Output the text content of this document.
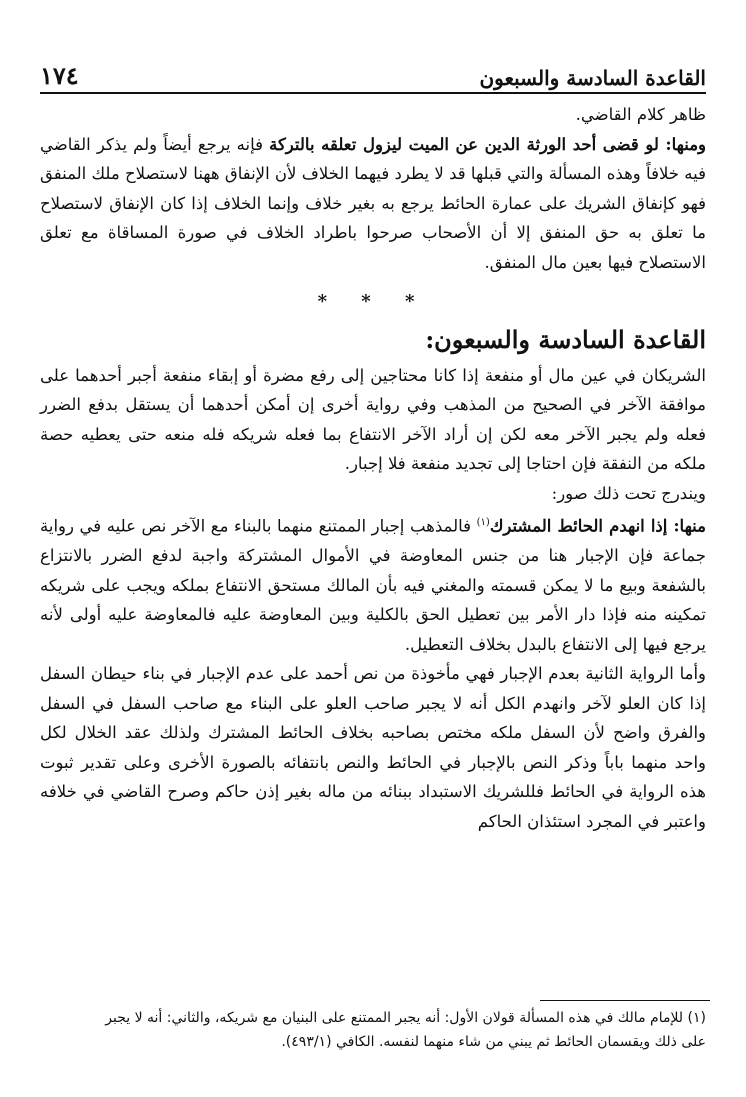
١٧٤	القاعدة السادسة والسبعون

ظاهر كلام القاضي.

ومنها: لو قضى أحد الورثة الدين عن الميت ليزول تعلقه بالتركة فإنه يرجع أيضاً ولم يذكر القاضي فيه خلافاً وهذه المسألة والتي قبلها قد لا يطرد فيهما الخلاف لأن الإنفاق ههنا لاستصلاح ملك المنفق فهو كإنفاق الشريك على عمارة الحائط يرجع به بغير خلاف وإنما الخلاف إذا كان الإنفاق لاستصلاح ما تعلق به حق المنفق إلا أن الأصحاب صرحوا باطراد الخلاف في صورة المساقاة مع تعلق الاستصلاح فيها بعين مال المنفق.

* * *
القاعدة السادسة والسبعون:

الشريكان في عين مال أو منفعة إذا كانا محتاجين إلى رفع مضرة أو إبقاء منفعة أجبر أحدهما على موافقة الآخر في الصحيح من المذهب وفي رواية أخرى إن أمكن أحدهما أن يستقل بدفع الضرر فعله ولم يجبر الآخر معه لكن إن أراد الآخر الانتفاع بما فعله شريكه فله منعه حتى يعطيه حصة ملكه من النفقة فإن احتاجا إلى تجديد منفعة فلا إجبار.

ويندرج تحت ذلك صور:

منها: إذا انهدم الحائط المشترك$^{(١)}$ فالمذهب إجبار الممتنع منهما بالبناء مع الآخر نص عليه في رواية جماعة فإن الإجبار هنا من جنس المعاوضة في الأموال المشتركة واجبة لدفع الضرر بالانتزاع بالشفعة وبيع ما لا يمكن قسمته والمغني فيه بأن المالك مستحق الانتفاع بملكه ويجب على شريكه تمكينه منه فإذا دار الأمر بين تعطيل الحق بالكلية وبين المعاوضة عليه فالمعاوضة عليه أولى لأنه يرجع فيها إلى الانتفاع بالبدل بخلاف التعطيل.

وأما الرواية الثانية بعدم الإجبار فهي مأخوذة من نص أحمد على عدم الإجبار في بناء حيطان السفل إذا كان العلو لآخر وانهدم الكل أنه لا يجبر صاحب العلو على البناء مع صاحب السفل في السفل والفرق واضح لأن السفل ملكه مختص بصاحبه بخلاف الحائط المشترك ولذلك عقد الخلال لكل واحد منهما باباً وذكر النص بالإجبار في الحائط والنص بانتفائه بالصورة الأخرى وعلى تقدير ثبوت هذه الرواية في الحائط فللشريك الاستبداد ببنائه من ماله بغير إذن حاكم وصرح القاضي في خلافه واعتبر في المجرد استئذان الحاكم

(١) للإمام مالك في هذه المسألة قولان الأول: أنه يجبر الممتنع على البنيان مع شريكه، والثاني: أنه لا يجبر

على ذلك ويقسمان الحائط ثم يبني من شاء منهما لنفسه. الكافي (٤٩٣/١).
